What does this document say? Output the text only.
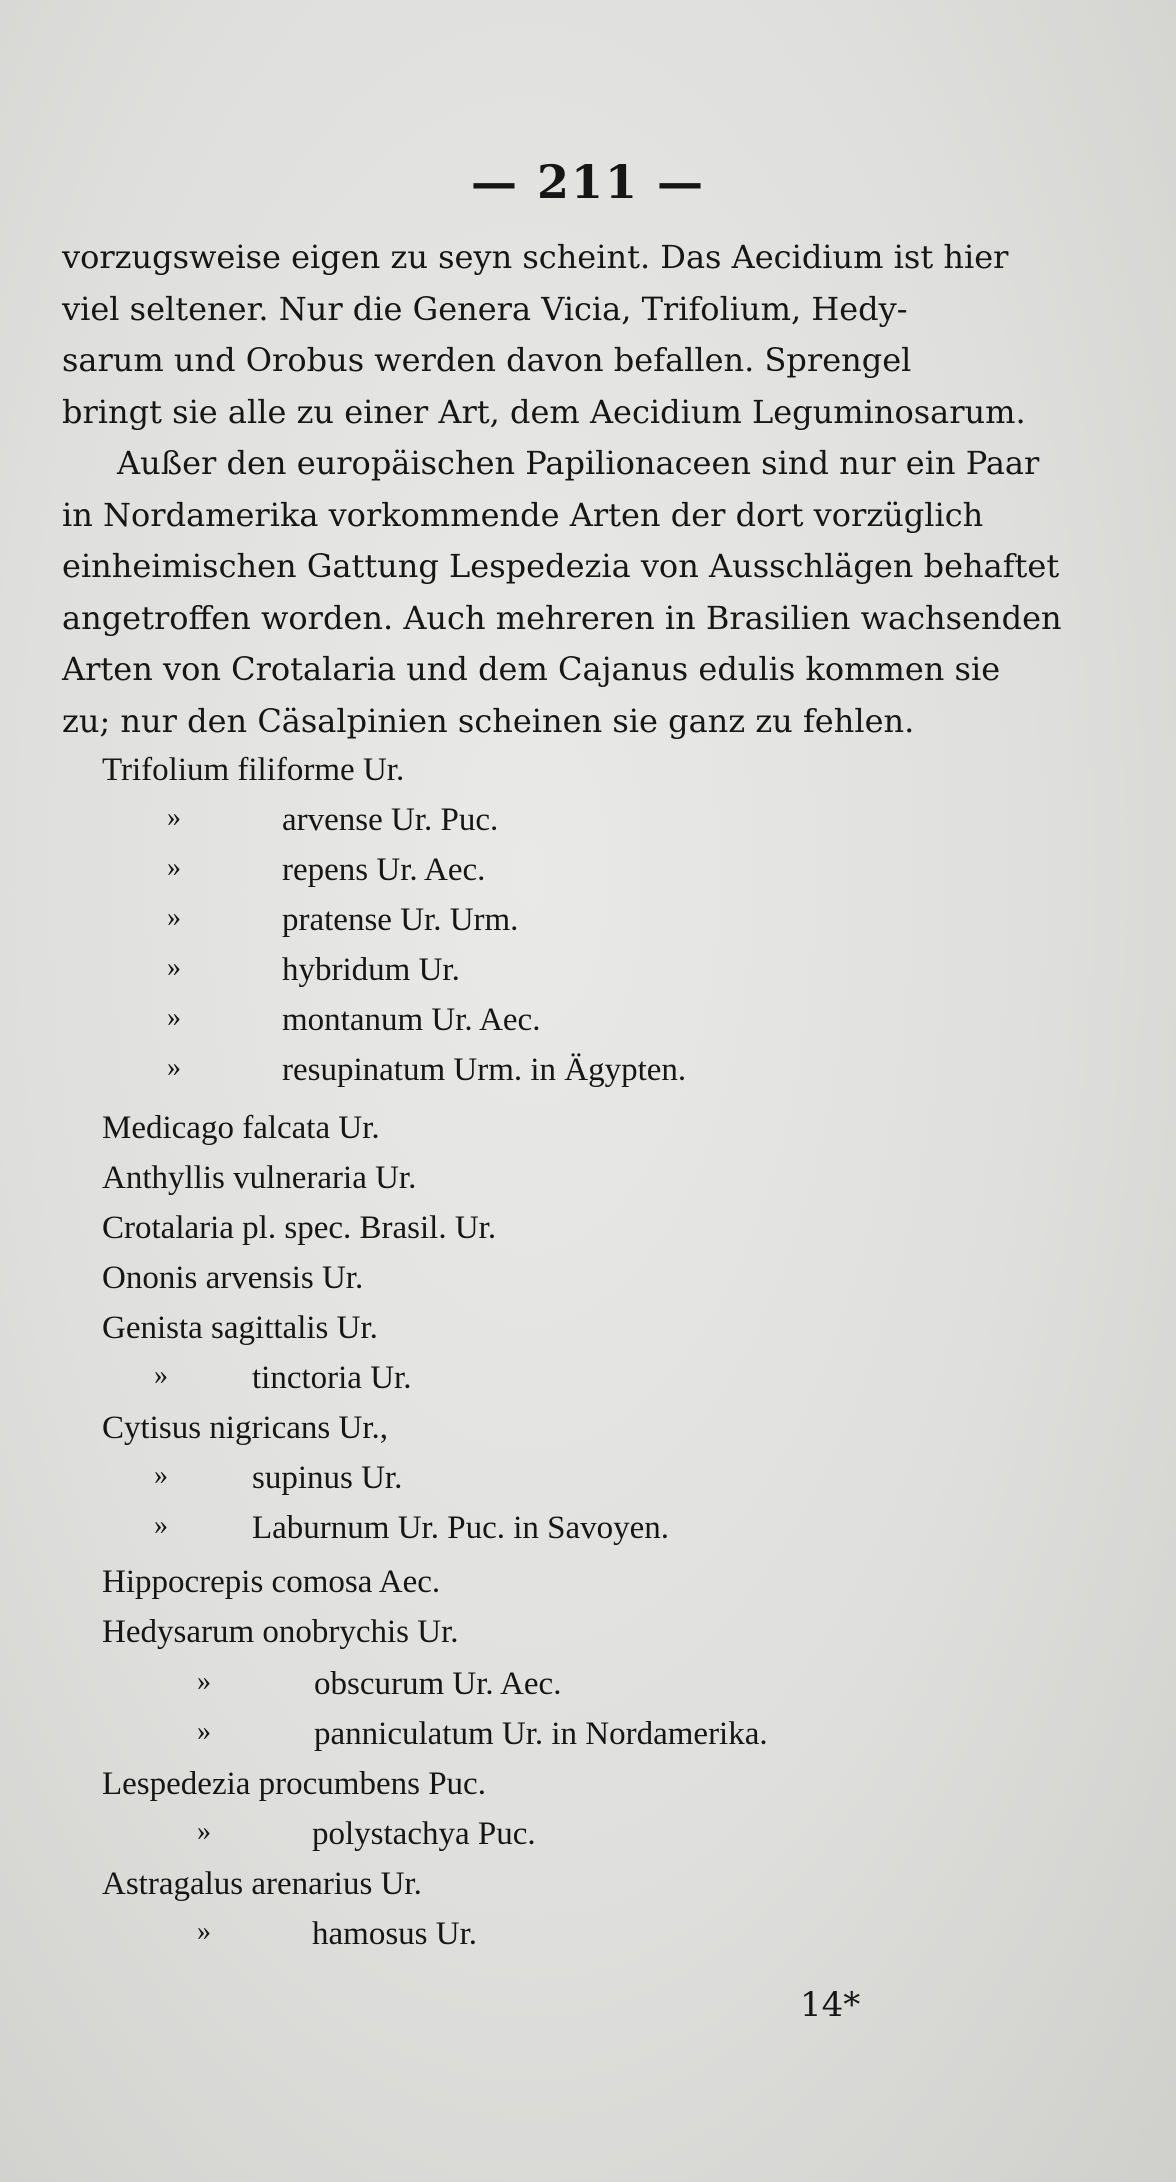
— 211 —
vorzugsweise eigen zu seyn scheint. Das Aecidium ist hier
viel seltener. Nur die Genera Vicia, Trifolium, Hedy-
sarum und Orobus werden davon befallen. Sprengel
bringt sie alle zu einer Art, dem Aecidium Leguminosarum.
Außer den europäischen Papilionaceen sind nur ein Paar
in Nordamerika vorkommende Arten der dort vorzüglich
einheimischen Gattung Lespedezia von Ausschlägen behaftet
angetroffen worden. Auch mehreren in Brasilien wachsenden
Arten von Crotalaria und dem Cajanus edulis kommen sie
zu; nur den Cäsalpinien scheinen sie ganz zu fehlen.
Trifolium filiforme Ur.
»	arvense Ur. Puc.
»	repens Ur. Aec.
»	pratense Ur. Urm.
»	hybridum Ur.
»	montanum Ur. Aec.
»	resupinatum Urm. in Ägypten.
Medicago falcata Ur.
Anthyllis vulneraria Ur.
Crotalaria pl. spec. Brasil. Ur.
Ononis arvensis Ur.
Genista sagittalis Ur.
»	tinctoria Ur.
Cytisus nigricans Ur.,
»	supinus Ur.
»	Laburnum Ur. Puc. in Savoyen.
Hippocrepis comosa Aec.
Hedysarum onobrychis Ur.
»	obscurum Ur. Aec.
»	panniculatum Ur. in Nordamerika.
Lespedezia procumbens Puc.
»	polystachya Puc.
Astragalus arenarius Ur.
»	hamosus Ur.
14*
